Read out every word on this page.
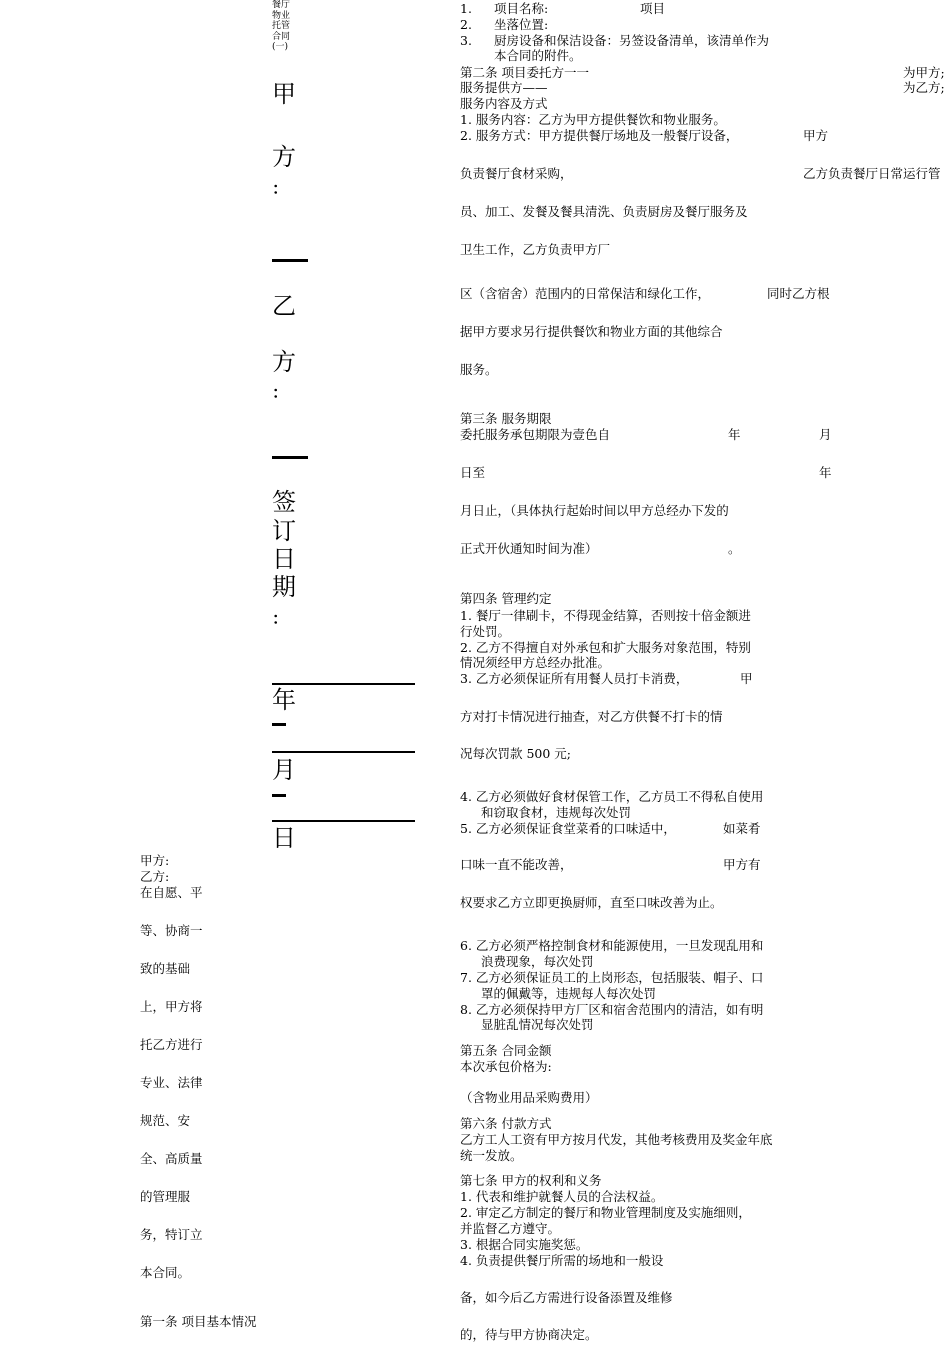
餐厅
物业
托管
合同
(一)
甲
方
：
乙
方
：
签
订
日
期
：
年
月
日
甲方:
乙方:
在自愿、平
等、协商一
致的基础
上，甲方将
托乙方进行
专业、法律
规范、安
全、高质量
的管理服
务，特订立
本合同。
第一条 项目基本情况
1. 项目名称:	项目
2. 坐落位置:
3. 厨房设备和保洁设备：另签设备清单，该清单作为
本合同的附件。
第二条 项目委托方一一	为甲方;
服务提供方——	为乙方;
服务内容及方式
1. 服务内容：乙方为甲方提供餐饮和物业服务。
2. 服务方式：甲方提供餐厅场地及一般餐厅设备，	甲方
负责餐厅食材采购，	乙方负责餐厅日常运行管
员、加工、发餐及餐具清洗、负责厨房及餐厅服务及
卫生工作，乙方负责甲方厂
区（含宿舍）范围内的日常保洁和绿化工作，	同时乙方根
据甲方要求另行提供餐饮和物业方面的其他综合
服务。
第三条 服务期限
委托服务承包期限为壹色自	年	月
日至	年
月日止，（具体执行起始时间以甲方总经办下发的
正式开伙通知时间为准）	。
第四条 管理约定
1. 餐厅一律刷卡，不得现金结算，否则按十倍金额进
行处罚。
2. 乙方不得擅自对外承包和扩大服务对象范围，特别
情况须经甲方总经办批准。
3. 乙方必须保证所有用餐人员打卡消费，	甲
方对打卡情况进行抽查，对乙方供餐不打卡的情
况每次罚款 500 元;
4. 乙方必须做好食材保管工作，乙方员工不得私自使用
和窃取食材，违规每次处罚
5. 乙方必须保证食堂菜肴的口味适中，	如菜肴
口味一直不能改善，	甲方有
权要求乙方立即更换厨师，直至口味改善为止。
6. 乙方必须严格控制食材和能源使用，一旦发现乱用和
浪费现象，每次处罚
7. 乙方必须保证员工的上岗形态，包括服装、帽子、口
罩的佩戴等，违规每人每次处罚
8. 乙方必须保持甲方厂区和宿舍范围内的清洁，如有明
显脏乱情况每次处罚
第五条 合同金额
本次承包价格为:
（含物业用品采购费用）
第六条 付款方式
乙方工人工资有甲方按月代发，其他考核费用及奖金年底
统一发放。
第七条 甲方的权利和义务
1. 代表和维护就餐人员的合法权益。
2. 审定乙方制定的餐厅和物业管理制度及实施细则，
并监督乙方遵守。
3. 根据合同实施奖惩。
4. 负责提供餐厅所需的场地和一般设
备，如今后乙方需进行设备添置及维修
的，待与甲方协商决定。
